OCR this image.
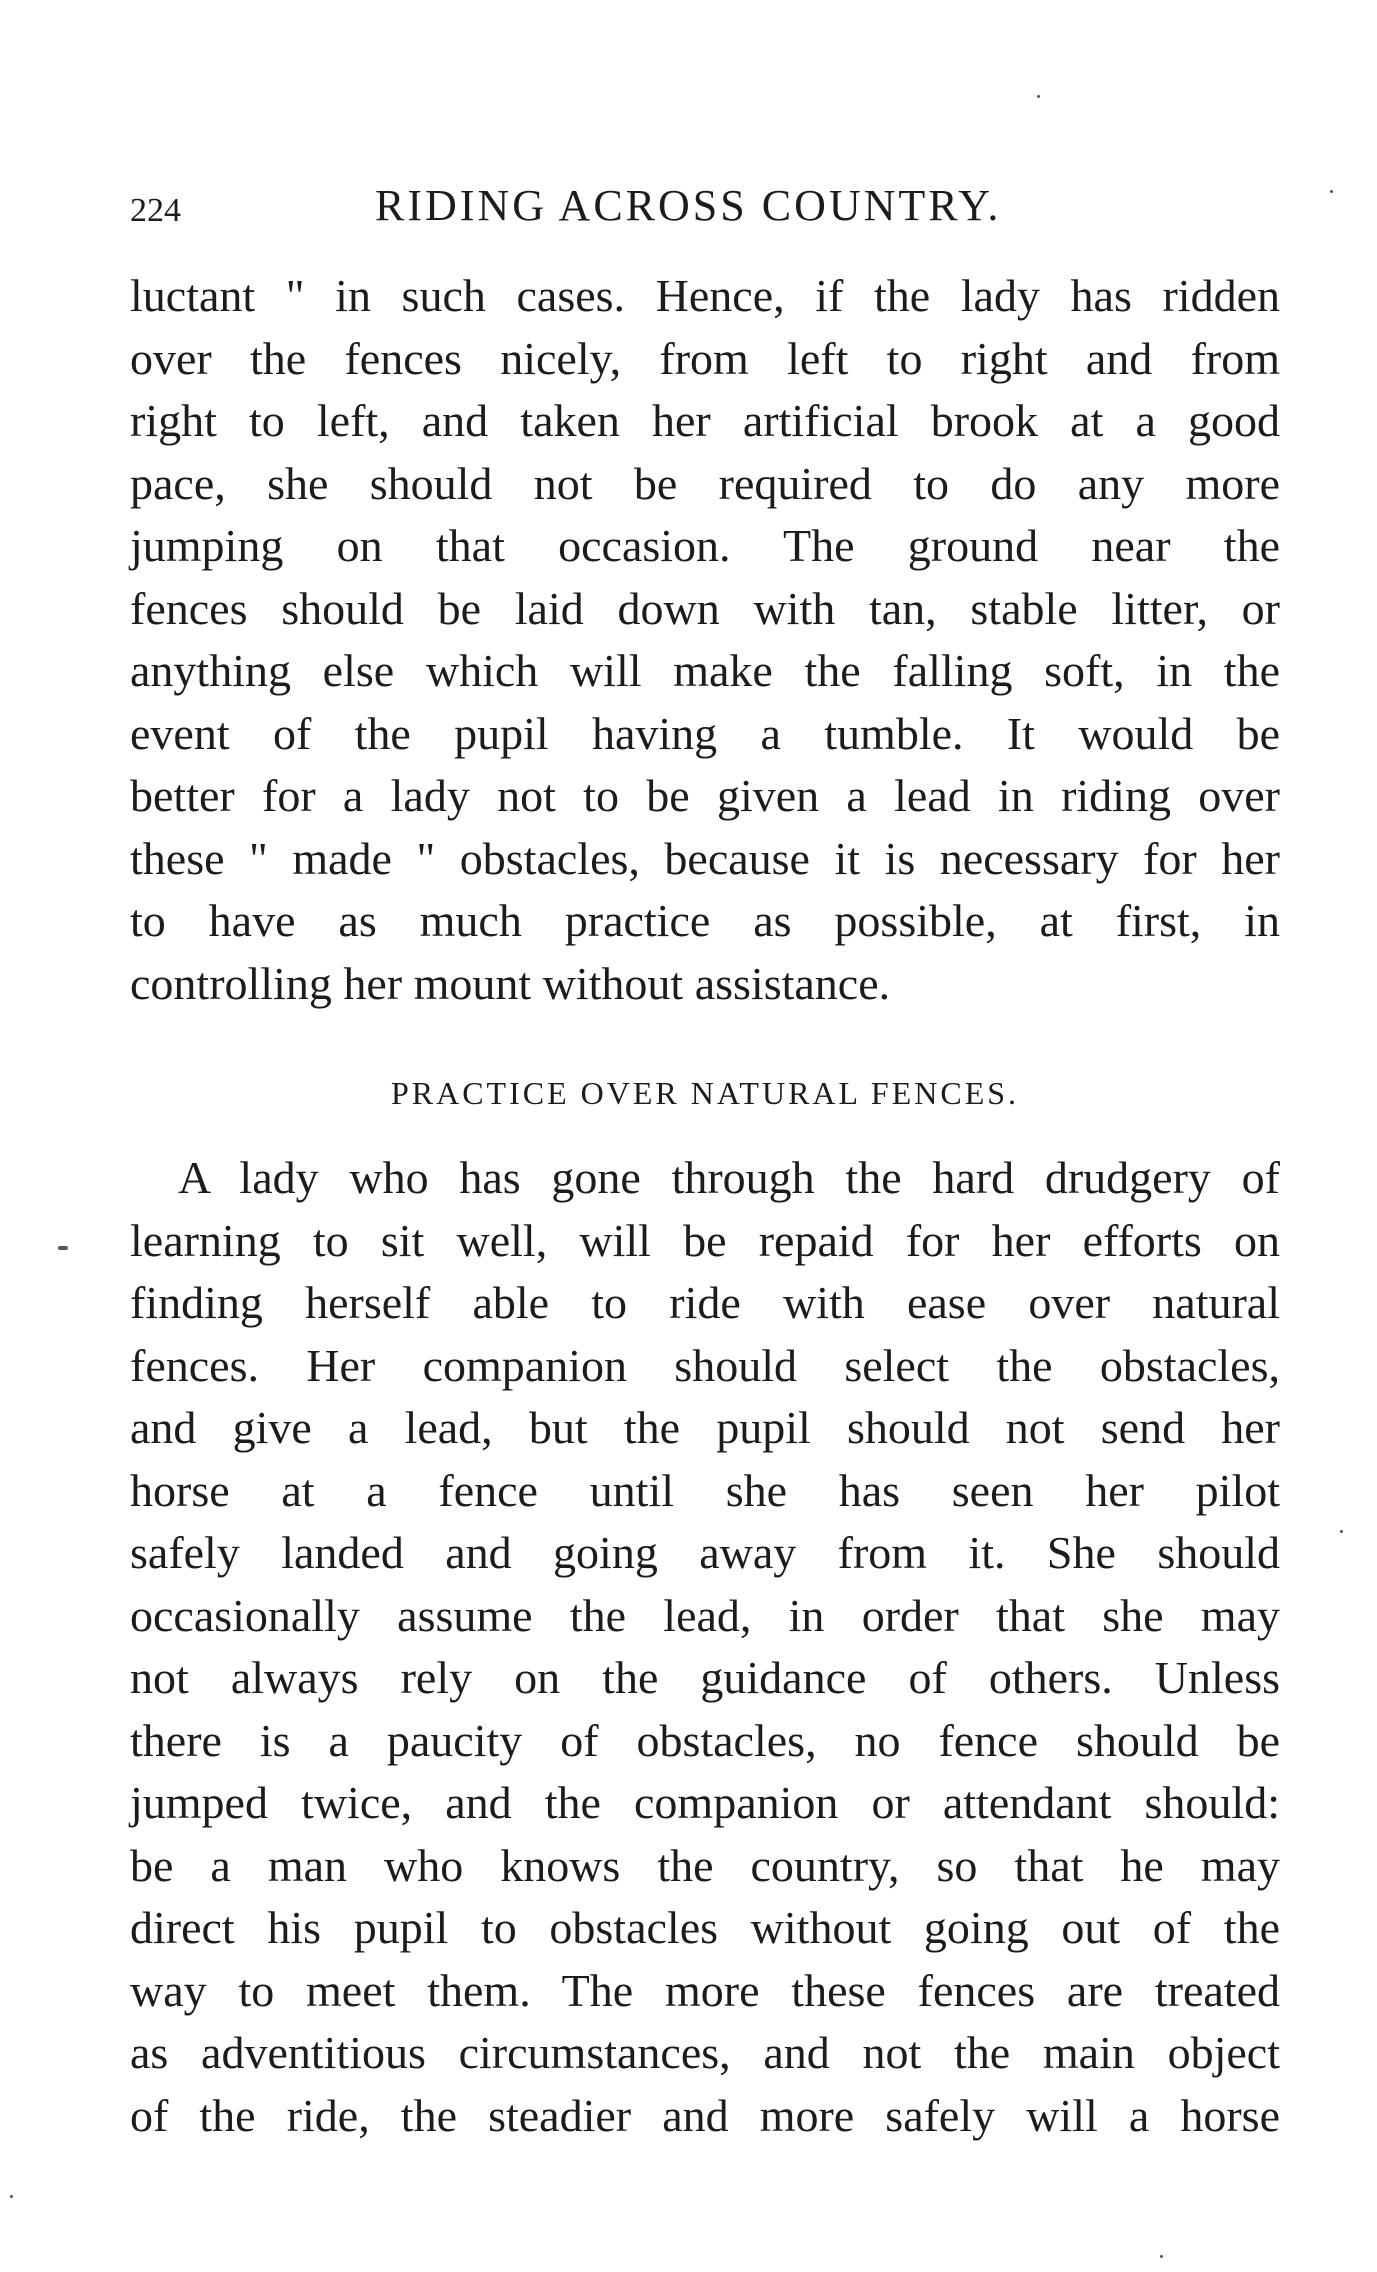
224	RIDING ACROSS COUNTRY.
luctant " in such cases. Hence, if the lady has ridden
over the fences nicely, from left to right and from
right to left, and taken her artificial brook at a good
pace, she should not be required to do any more
jumping on that occasion. The ground near the
fences should be laid down with tan, stable litter, or
anything else which will make the falling soft, in the
event of the pupil having a tumble. It would be
better for a lady not to be given a lead in riding over
these " made " obstacles, because it is necessary for her
to have as much practice as possible, at first, in
controlling her mount without assistance.
PRACTICE OVER NATURAL FENCES.
A lady who has gone through the hard drudgery of
learning to sit well, will be repaid for her efforts on
finding herself able to ride with ease over natural
fences. Her companion should select the obstacles,
and give a lead, but the pupil should not send her
horse at a fence until she has seen her pilot
safely landed and going away from it. She should
occasionally assume the lead, in order that she may
not always rely on the guidance of others. Unless
there is a paucity of obstacles, no fence should be
jumped twice, and the companion or attendant should:
be a man who knows the country, so that he may
direct his pupil to obstacles without going out of the
way to meet them. The more these fences are treated
as adventitious circumstances, and not the main object
of the ride, the steadier and more safely will a horse
